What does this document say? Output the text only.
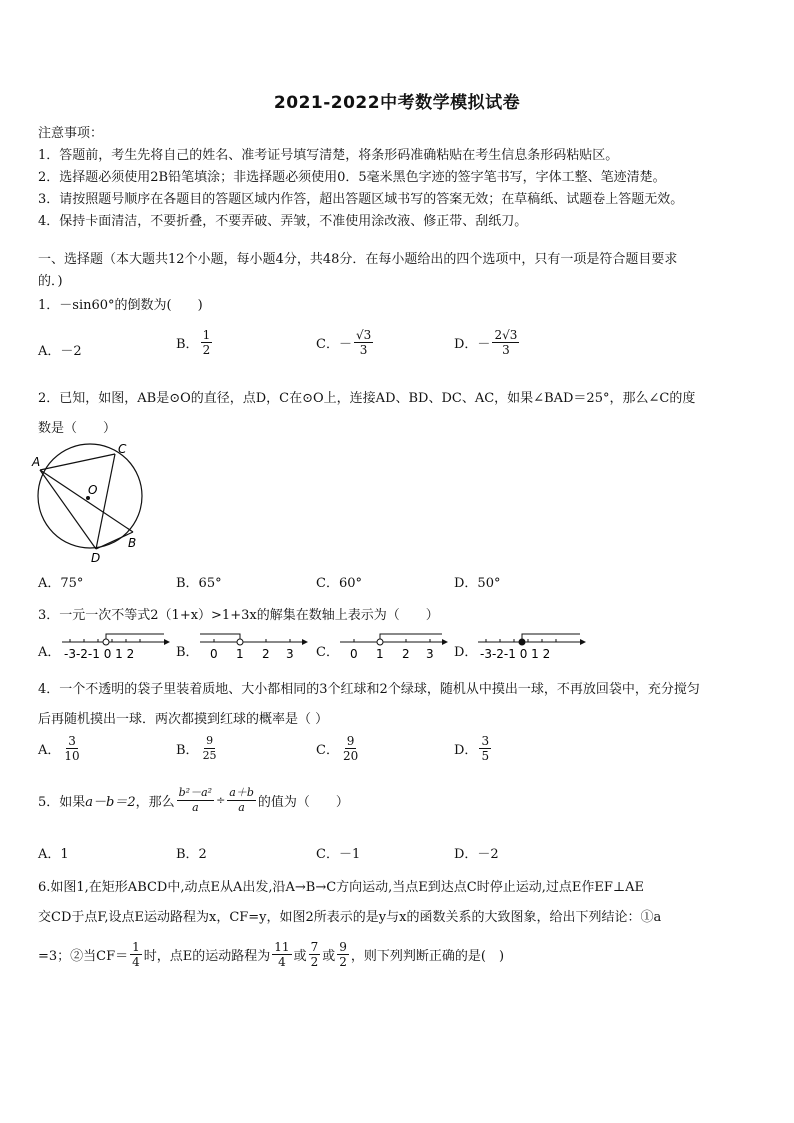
2021-2022中考数学模拟试卷
注意事项：
1．答题前，考生先将自己的姓名、准考证号填写清楚，将条形码准确粘贴在考生信息条形码粘贴区。
2．选择题必须使用2B铅笔填涂；非选择题必须使用0．5毫米黑色字迹的签字笔书写，字体工整、笔迹清楚。
3．请按照题号顺序在各题目的答题区域内作答，超出答题区域书写的答案无效；在草稿纸、试题卷上答题无效。
4．保持卡面清洁，不要折叠，不要弄破、弄皱，不准使用涂改液、修正带、刮纸刀。
一、选择题（本大题共12个小题，每小题4分，共48分．在每小题给出的四个选项中，只有一项是符合题目要求
的．)
1．－sin60°的倒数为(　　)
A．－2	B． $\frac{1}{2}$	C．－ $\frac{√3}{3}$	D．－ $\frac{2√3}{3}$
2．已知，如图，AB是⊙O的直径，点D，C在⊙O上，连接AD、BD、DC、AC，如果∠BAD＝25°，那么∠C的度
数是（　　）
A
C
O
B
D
A．75°	B．65°	C．60°	D．50°
3．一元一次不等式2（1+x）>1+3x的解集在数轴上表示为（　　）
A． -3-2-1 0 1 2	B． 0 1 2 3 C． 0 1 2 3 D． -3-2-1 0 1 2
4．一个不透明的袋子里装着质地、大小都相同的3个红球和2个绿球，随机从中摸出一球，不再放回袋中，充分搅匀
后再随机摸出一球．两次都摸到红球的概率是（ ）
A． $\frac{3}{10}$	B． $\frac{9}{25}$	C． $\frac{9}{20}$	D． $\frac{3}{5}$
5．如果a－b＝2，那么 $\frac{\text{b²－a²}}{a} \div \frac{a+b}{a}$ 的值为（　　）
A．1	B．2	C．－1	D．－2
6.如图1,在矩形ABCD中,动点E从A出发,沿A→B→C方向运动,当点E到达点C时停止运动,过点E作EF⊥AE
交CD于点F,设点E运动路程为x，CF=y，如图2所表示的是y与x的函数关系的大致图象，给出下列结论：①a
=3；②当$CF= \frac{1}{4}$ 时，点E的运动路程为 $\frac{11}{4}$ 或 $\frac{7}{2}$ 或 $\frac{9}{2}$ ，则下列判断正确的是(　)
